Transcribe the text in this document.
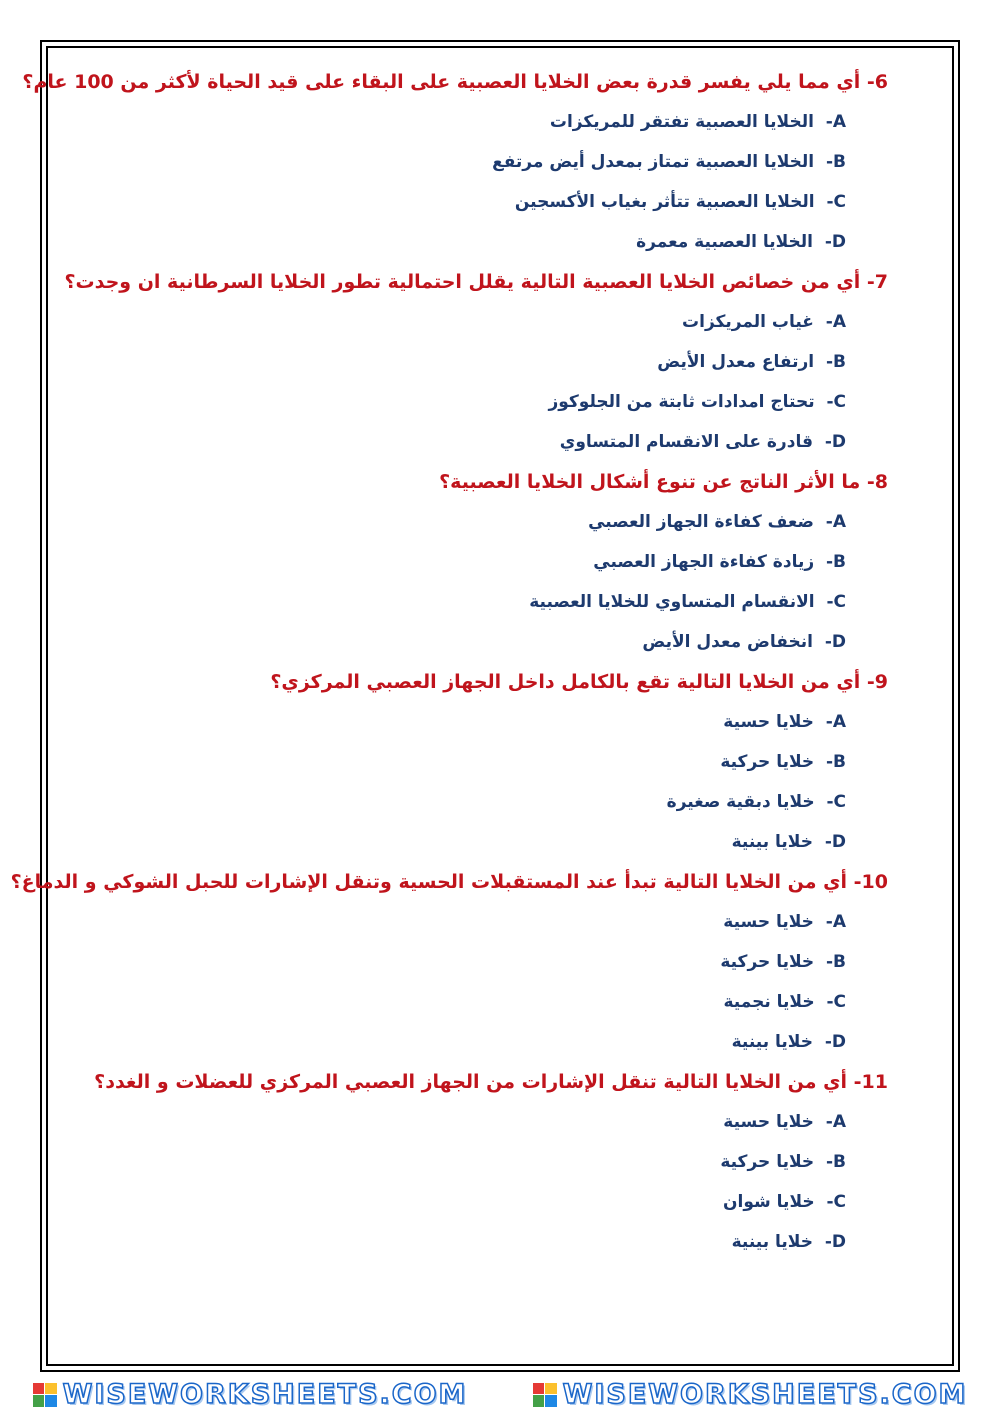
6- أي مما يلي يفسر قدرة بعض الخلايا العصبية على البقاء على قيد الحياة لأكثر من 100 عام؟
A-  الخلايا العصبية تفتقر للمريكزات
B-  الخلايا العصبية تمتاز بمعدل أيض مرتفع
C-  الخلايا العصبية تتأثر بغياب الأكسجين
D-  الخلايا العصبية معمرة
7- أي من خصائص الخلايا العصبية التالية يقلل احتمالية تطور الخلايا السرطانية ان وجدت؟
A-  غياب المريكزات
B-  ارتفاع معدل الأيض
C-  تحتاج امدادات ثابتة من الجلوكوز
D-  قادرة على الانقسام المتساوي
8- ما الأثر الناتج عن تنوع أشكال الخلايا العصبية؟
A-  ضعف كفاءة الجهاز العصبي
B-  زيادة كفاءة الجهاز العصبي
C-  الانقسام المتساوي للخلايا العصبية
D-  انخفاض معدل الأيض
9- أي من الخلايا التالية تقع بالكامل داخل الجهاز العصبي المركزي؟
A-  خلايا حسية
B-  خلايا حركية
C-  خلايا دبقية صغيرة
D-  خلايا بينية
10- أي من الخلايا التالية تبدأ عند المستقبلات الحسية وتنقل الإشارات للحبل الشوكي و الدماغ؟
A-  خلايا حسية
B-  خلايا حركية
C-  خلايا نجمية
D-  خلايا بينية
11- أي من الخلايا التالية تنقل الإشارات من الجهاز العصبي المركزي للعضلات و الغدد؟
A-  خلايا حسية
B-  خلايا حركية
C-  خلايا شوان
D-  خلايا بينية
WISEWORKSHEETS.COM	WISEWORKSHEETS.COM
